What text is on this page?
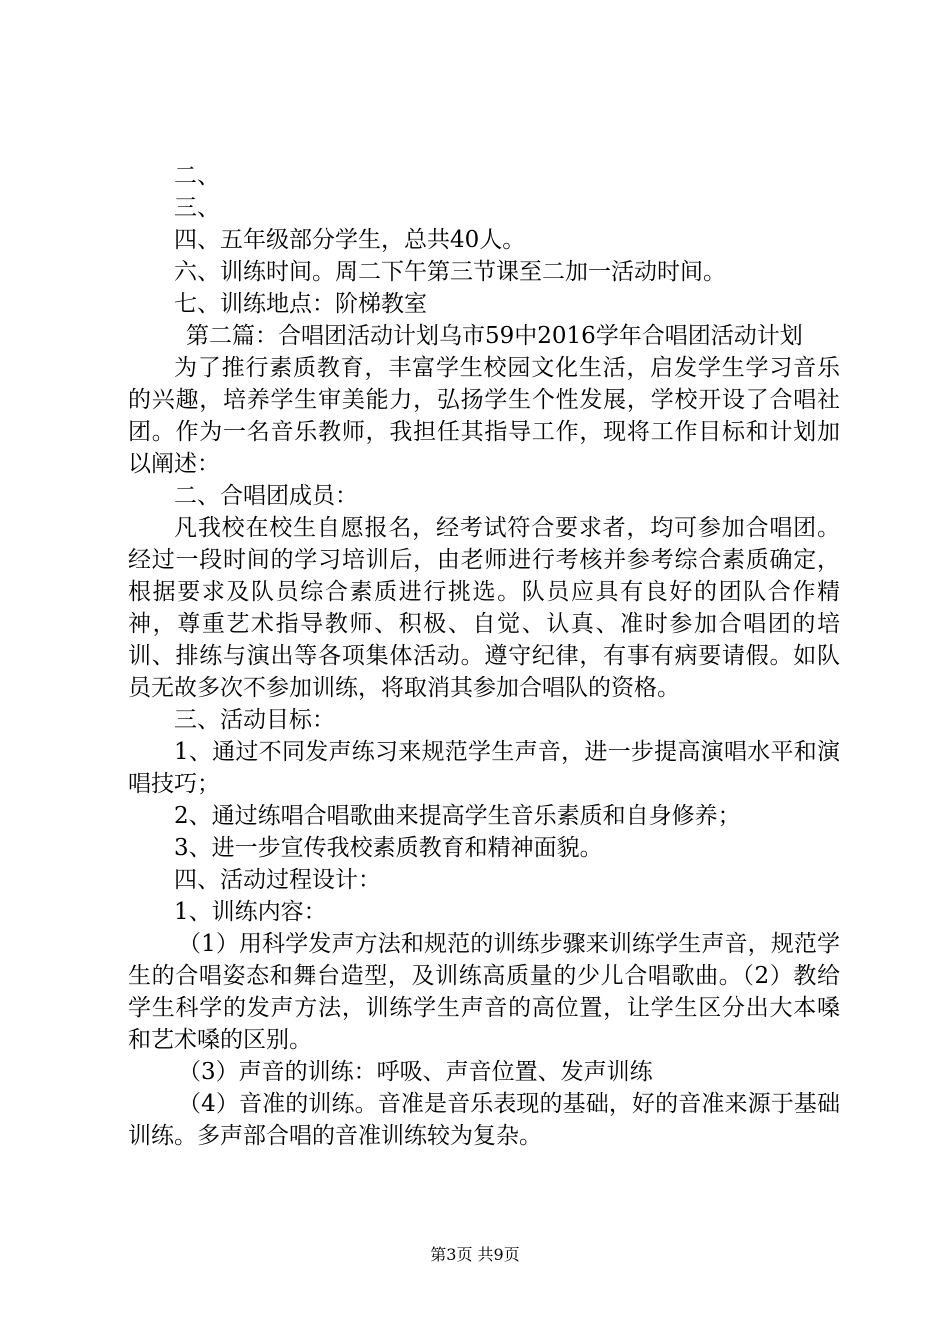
二、

三、

四、五年级部分学生，总共40人。

六、训练时间。周二下午第三节课至二加一活动时间。

七、训练地点：阶梯教室

第二篇：合唱团活动计划乌市59中2016学年合唱团活动计划

为了推行素质教育，丰富学生校园文化生活，启发学生学习音乐的兴趣，培养学生审美能力，弘扬学生个性发展，学校开设了合唱社团。作为一名音乐教师，我担任其指导工作，现将工作目标和计划加以阐述：

二、合唱团成员：

凡我校在校生自愿报名，经考试符合要求者，均可参加合唱团。经过一段时间的学习培训后，由老师进行考核并参考综合素质确定，根据要求及队员综合素质进行挑选。队员应具有良好的团队合作精神，尊重艺术指导教师、积极、自觉、认真、准时参加合唱团的培训、排练与演出等各项集体活动。遵守纪律，有事有病要请假。如队员无故多次不参加训练，将取消其参加合唱队的资格。

三、活动目标：

1、通过不同发声练习来规范学生声音，进一步提高演唱水平和演唱技巧；

2、通过练唱合唱歌曲来提高学生音乐素质和自身修养；

3、进一步宣传我校素质教育和精神面貌。

四、活动过程设计：

1、训练内容：

（1）用科学发声方法和规范的训练步骤来训练学生声音，规范学生的合唱姿态和舞台造型，及训练高质量的少儿合唱歌曲。（2）教给学生科学的发声方法，训练学生声音的高位置，让学生区分出大本嗓和艺术嗓的区别。

（3）声音的训练：呼吸、声音位置、发声训练

（4）音准的训练。音准是音乐表现的基础，好的音准来源于基础训练。多声部合唱的音准训练较为复杂。

第3页 共9页
